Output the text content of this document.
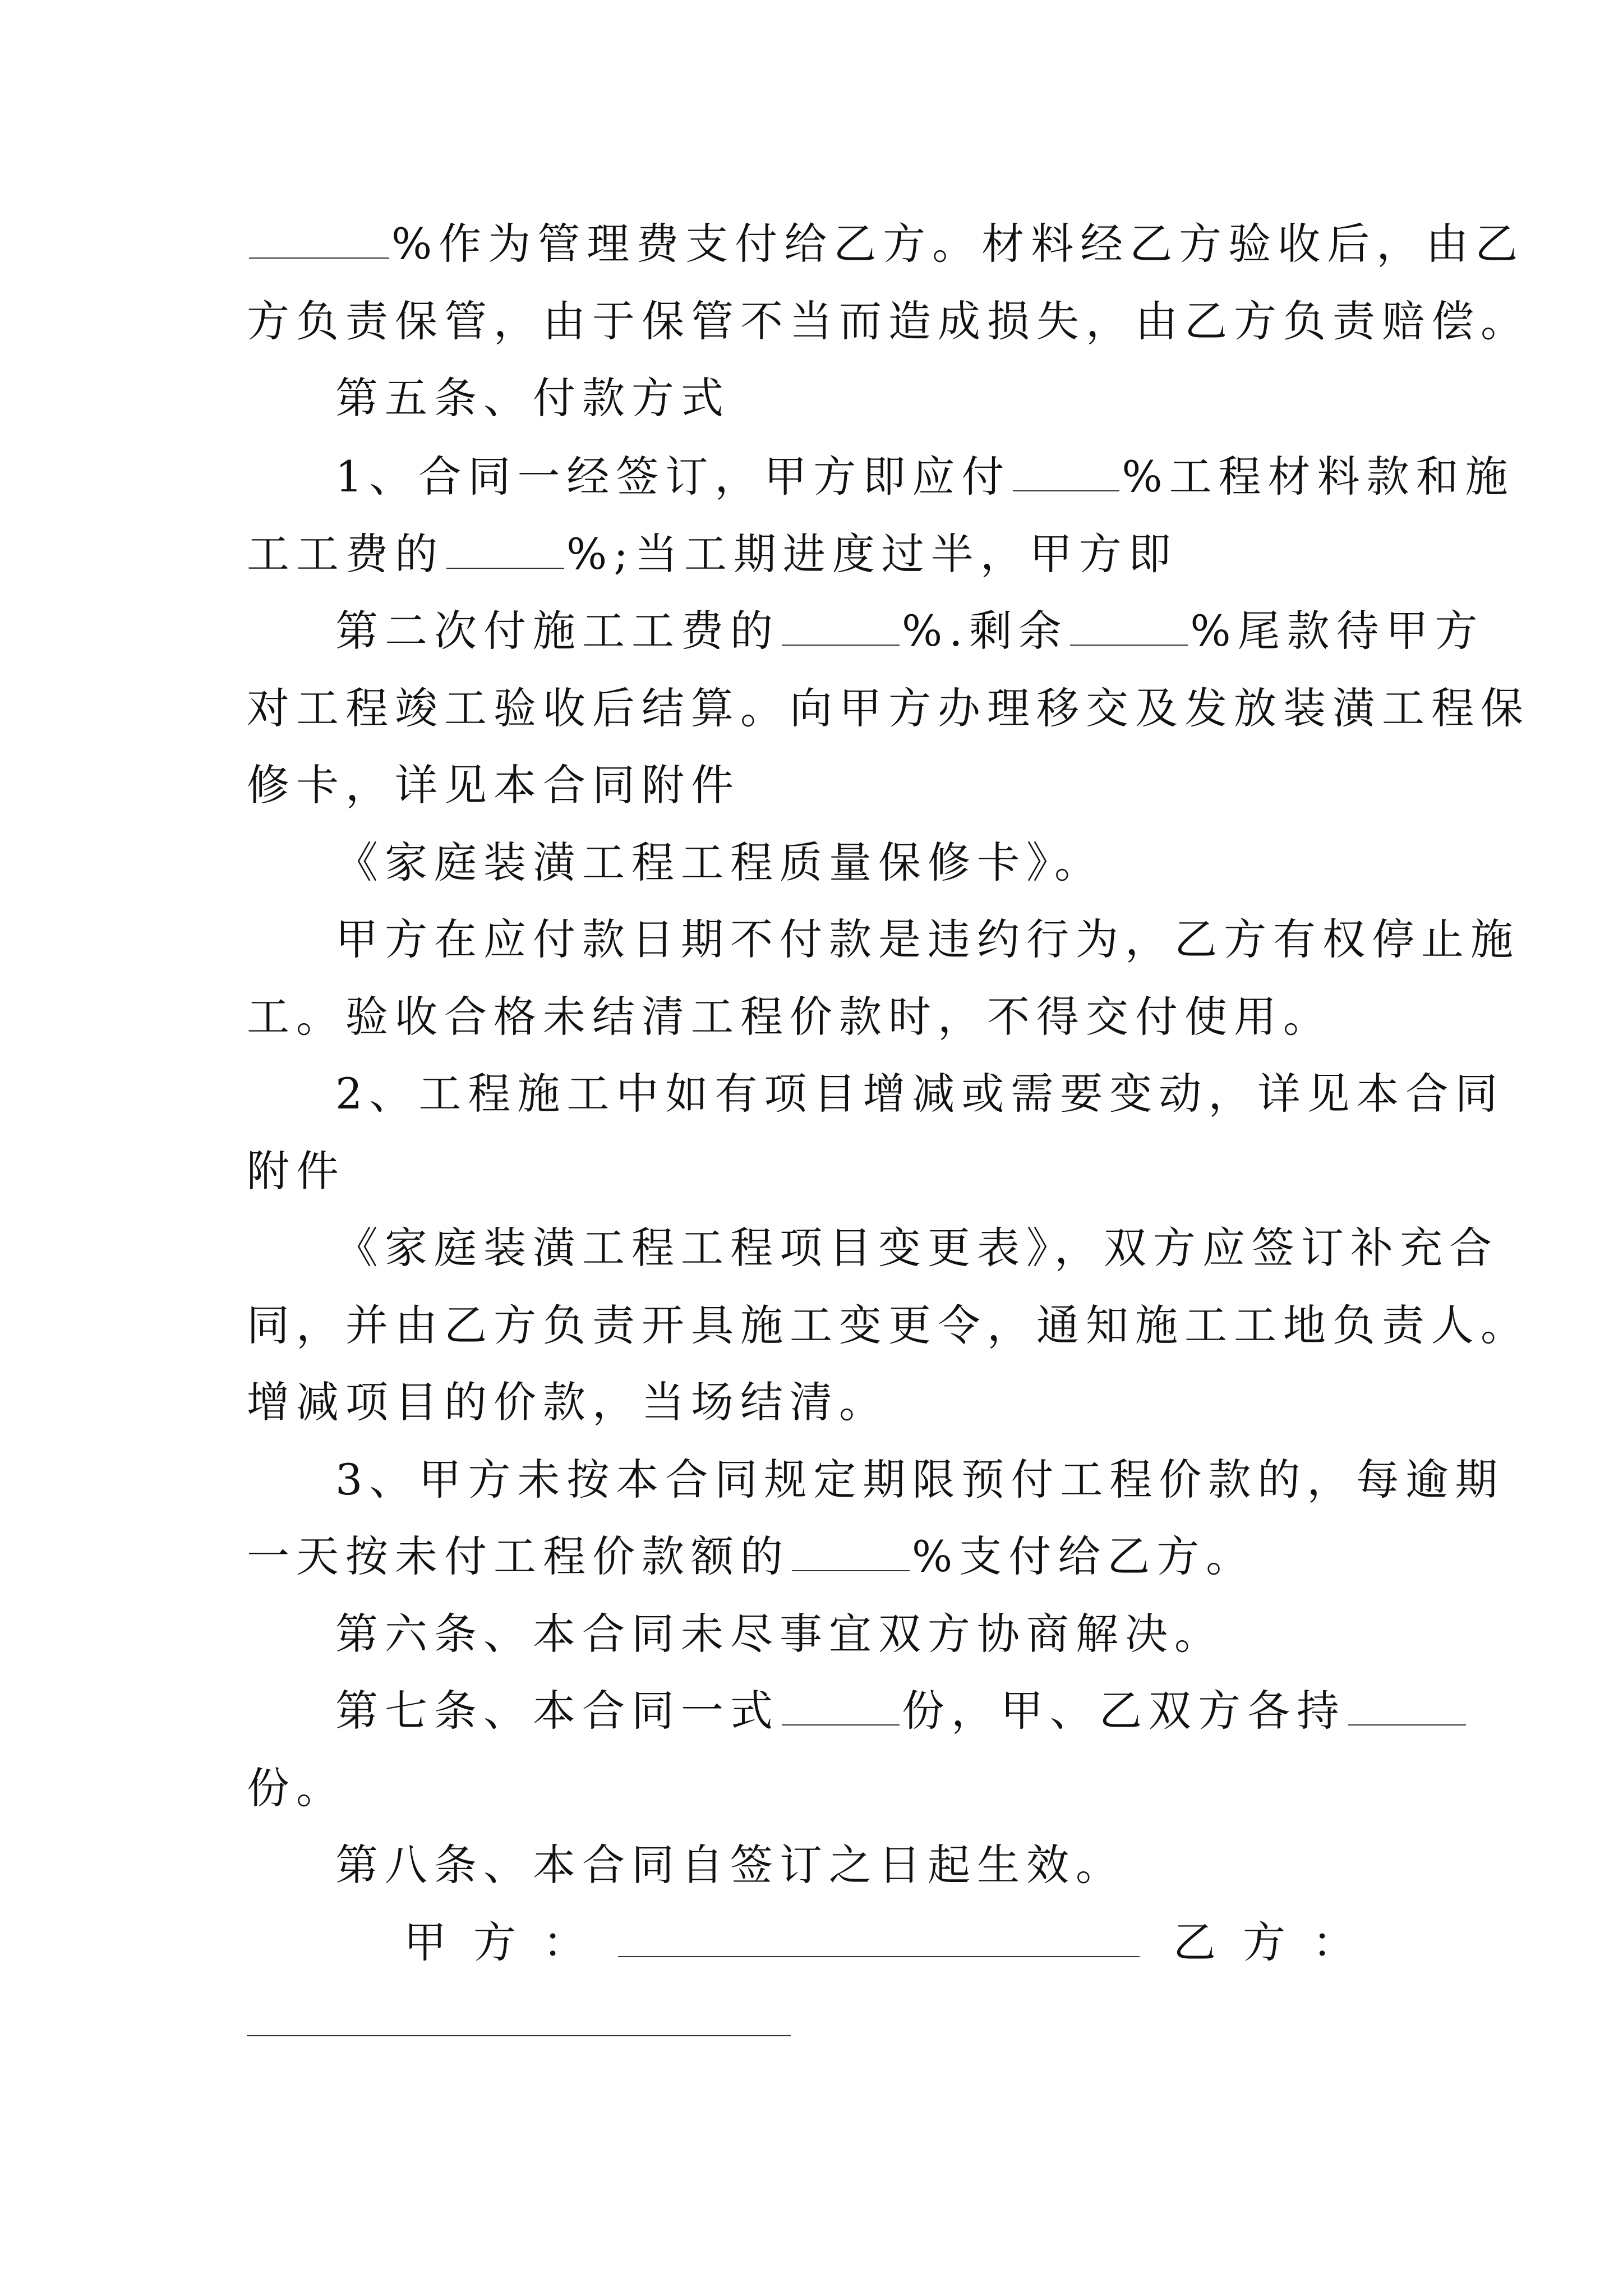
%作为管理费支付给乙方。材料经乙方验收后，由乙
方负责保管，由于保管不当而造成损失，由乙方负责赔偿。
第五条、付款方式
1、合同一经签订，甲方即应付	%工程材料款和施
工工费的	%;当工期进度过半，甲方即
第二次付施工工费的	%.剩余	%尾款待甲方
对工程竣工验收后结算。向甲方办理移交及发放装潢工程保
修卡，详见本合同附件
《家庭装潢工程工程质量保修卡》。
甲方在应付款日期不付款是违约行为，乙方有权停止施
工。验收合格未结清工程价款时，不得交付使用。
2、工程施工中如有项目增减或需要变动，详见本合同
附件
《家庭装潢工程工程项目变更表》，双方应签订补充合
同，并由乙方负责开具施工变更令，通知施工工地负责人。
增减项目的价款，当场结清。
3、甲方未按本合同规定期限预付工程价款的，每逾期
一天按未付工程价款额的	%支付给乙方。
第六条、本合同未尽事宜双方协商解决。
第七条、本合同一式	份，甲、乙双方各持
份。
第八条、本合同自签订之日起生效。
甲方：	乙方：
